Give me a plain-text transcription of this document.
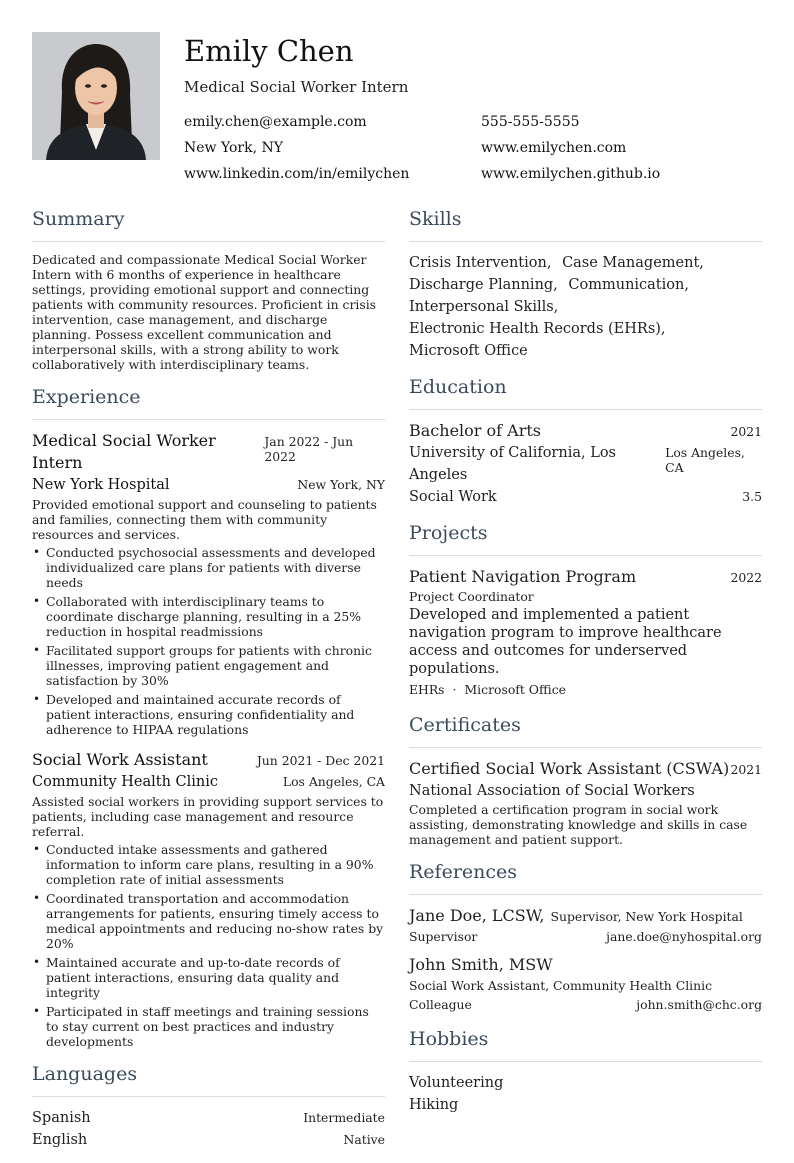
Emily Chen
Medical Social Worker Intern
emily.chen@example.com	555-555-5555
New York, NY	www.emilychen.com
www.linkedin.com/in/emilychen	www.emilychen.github.io
Summary
Dedicated and compassionate Medical Social Worker Intern with 6 months of experience in healthcare settings, providing emotional support and connecting patients with community resources. Proficient in crisis intervention, case management, and discharge planning. Possess excellent communication and interpersonal skills, with a strong ability to work collaboratively with interdisciplinary teams.
Experience
Medical Social Worker Intern
Jan 2022 - Jun 2022
New York Hospital	New York, NY
Provided emotional support and counseling to patients and families, connecting them with community resources and services.
• Conducted psychosocial assessments and developed individualized care plans for patients with diverse needs
• Collaborated with interdisciplinary teams to coordinate discharge planning, resulting in a 25% reduction in hospital readmissions
• Facilitated support groups for patients with chronic illnesses, improving patient engagement and satisfaction by 30%
• Developed and maintained accurate records of patient interactions, ensuring confidentiality and adherence to HIPAA regulations
Social Work Assistant	Jun 2021 - Dec 2021
Community Health Clinic	Los Angeles, CA
Assisted social workers in providing support services to patients, including case management and resource referral.
• Conducted intake assessments and gathered information to inform care plans, resulting in a 90% completion rate of initial assessments
• Coordinated transportation and accommodation arrangements for patients, ensuring timely access to medical appointments and reducing no-show rates by 20%
• Maintained accurate and up-to-date records of patient interactions, ensuring data quality and integrity
• Participated in staff meetings and training sessions to stay current on best practices and industry developments
Languages
Spanish	Intermediate
English	Native
Skills
Crisis Intervention, Case Management,
Discharge Planning, Communication,
Interpersonal Skills,
Electronic Health Records (EHRs), Microsoft Office
Education
Bachelor of Arts	2021
University of California, Los Angeles
Los Angeles, CA
Social Work	3.5
Projects
Patient Navigation Program	2022
Project Coordinator
Developed and implemented a patient navigation program to improve healthcare access and outcomes for underserved populations.
EHRs · Microsoft Office
Certificates
Certified Social Work Assistant (CSWA) 2021
National Association of Social Workers
Completed a certification program in social work assisting, demonstrating knowledge and skills in case management and patient support.
References
Jane Doe, LCSW, Supervisor, New York Hospital
Supervisor	jane.doe@nyhospital.org
John Smith, MSW
Social Work Assistant, Community Health Clinic
Colleague	john.smith@chc.org
Hobbies
Volunteering
Hiking
